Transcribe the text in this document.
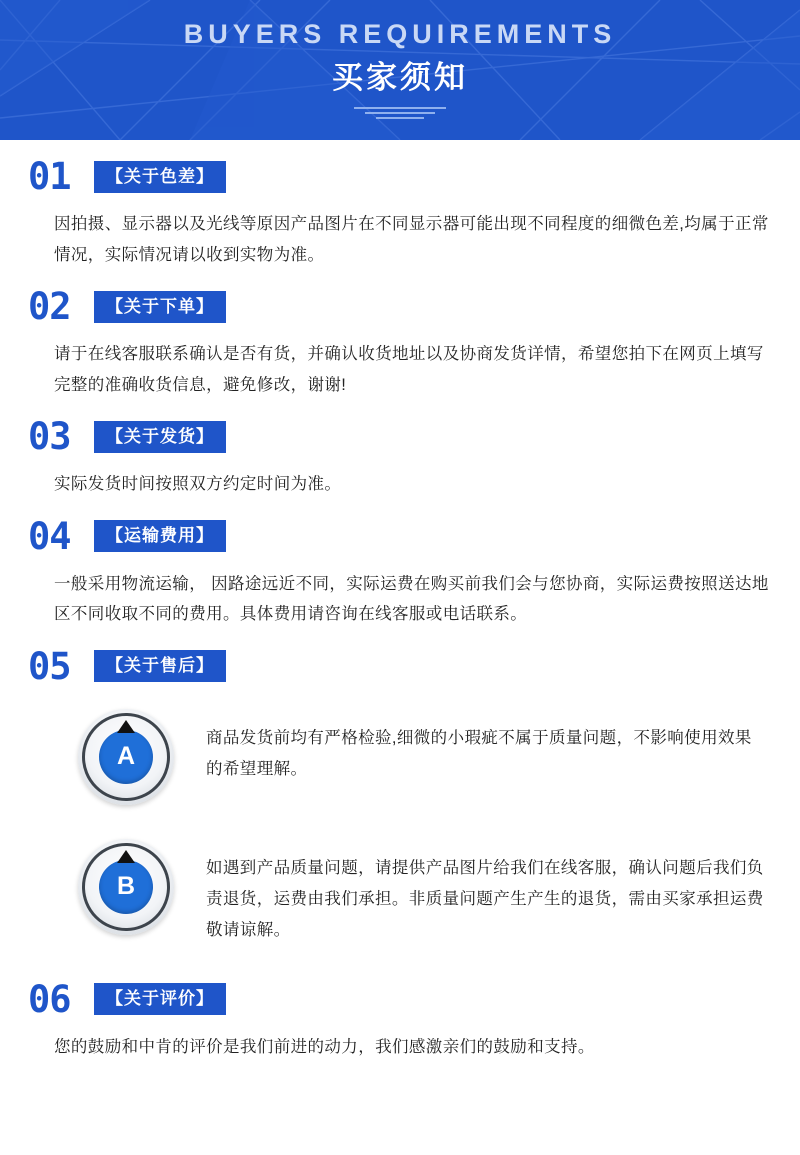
BUYERS REQUIREMENTS
买家须知
01	【关于色差】
因拍摄、显示器以及光线等原因产品图片在不同显示器可能出现不同程度的细微色差,均属于正常情况，实际情况请以收到实物为准。
02	【关于下单】
请于在线客服联系确认是否有货，并确认收货地址以及协商发货详情，希望您拍下在网页上填写完整的准确收货信息，避免修改，谢谢!
03	【关于发货】
实际发货时间按照双方约定时间为准。
04	【运输费用】
一般采用物流运输， 因路途远近不同，实际运费在购买前我们会与您协商，实际运费按照送达地区不同收取不同的费用。具体费用请咨询在线客服或电话联系。
05	【关于售后】
A
商品发货前均有严格检验,细微的小瑕疵不属于质量问题，不影响使用效果的希望理解。
B
如遇到产品质量问题，请提供产品图片给我们在线客服，确认问题后我们负责退货，运费由我们承担。非质量问题产生产生的退货，需由买家承担运费敬请谅解。
06	【关于评价】
您的鼓励和中肯的评价是我们前进的动力，我们感激亲们的鼓励和支持。
